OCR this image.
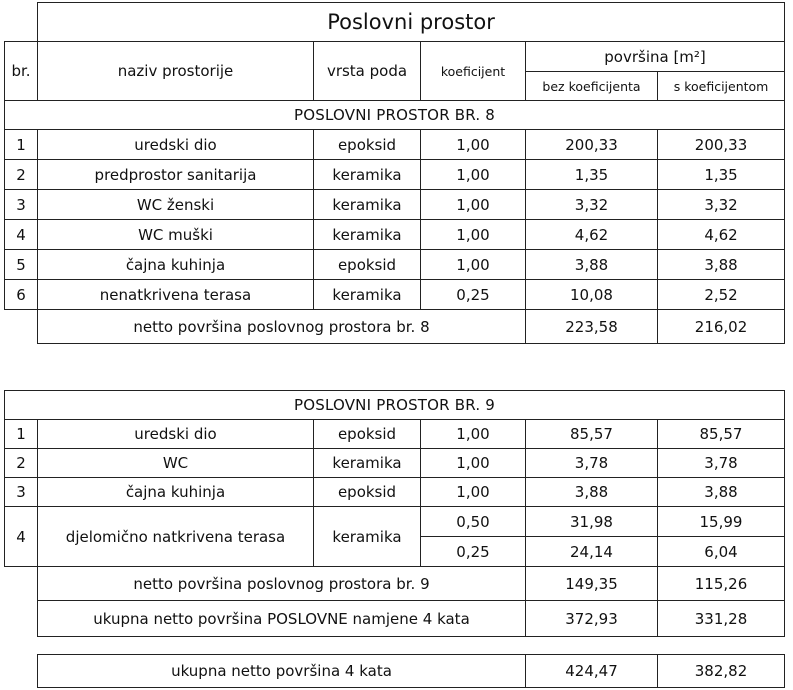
	Poslovni prostor				
br.	naziv prostorije	vrsta poda	koeficijent	površina [m²]	
				bez koeficijenta	s koeficijentom
POSLOVNI PROSTOR BR. 8					
1	uredski dio	epoksid	1,00	200,33	200,33
2	predprostor sanitarija	keramika	1,00	1,35	1,35
3	WC ženski	keramika	1,00	3,32	3,32
4	WC muški	keramika	1,00	4,62	4,62
5	čajna kuhinja	epoksid	1,00	3,88	3,88
6	nenatkrivena terasa	keramika	0,25	10,08	2,52
	netto površina poslovnog prostora br. 8			223,58	216,02
POSLOVNI PROSTOR BR. 9					
1	uredski dio	epoksid	1,00	85,57	85,57
2	WC	keramika	1,00	3,78	3,78
3	čajna kuhinja	epoksid	1,00	3,88	3,88
4	djelomično natkrivena terasa	keramika	0,50	31,98	15,99
			0,25	24,14	6,04
	netto površina poslovnog prostora br. 9			149,35	115,26
	ukupna netto površina POSLOVNE namjene 4 kata			372,93	331,28
ukupna netto površina 4 kata	424,47	382,82
